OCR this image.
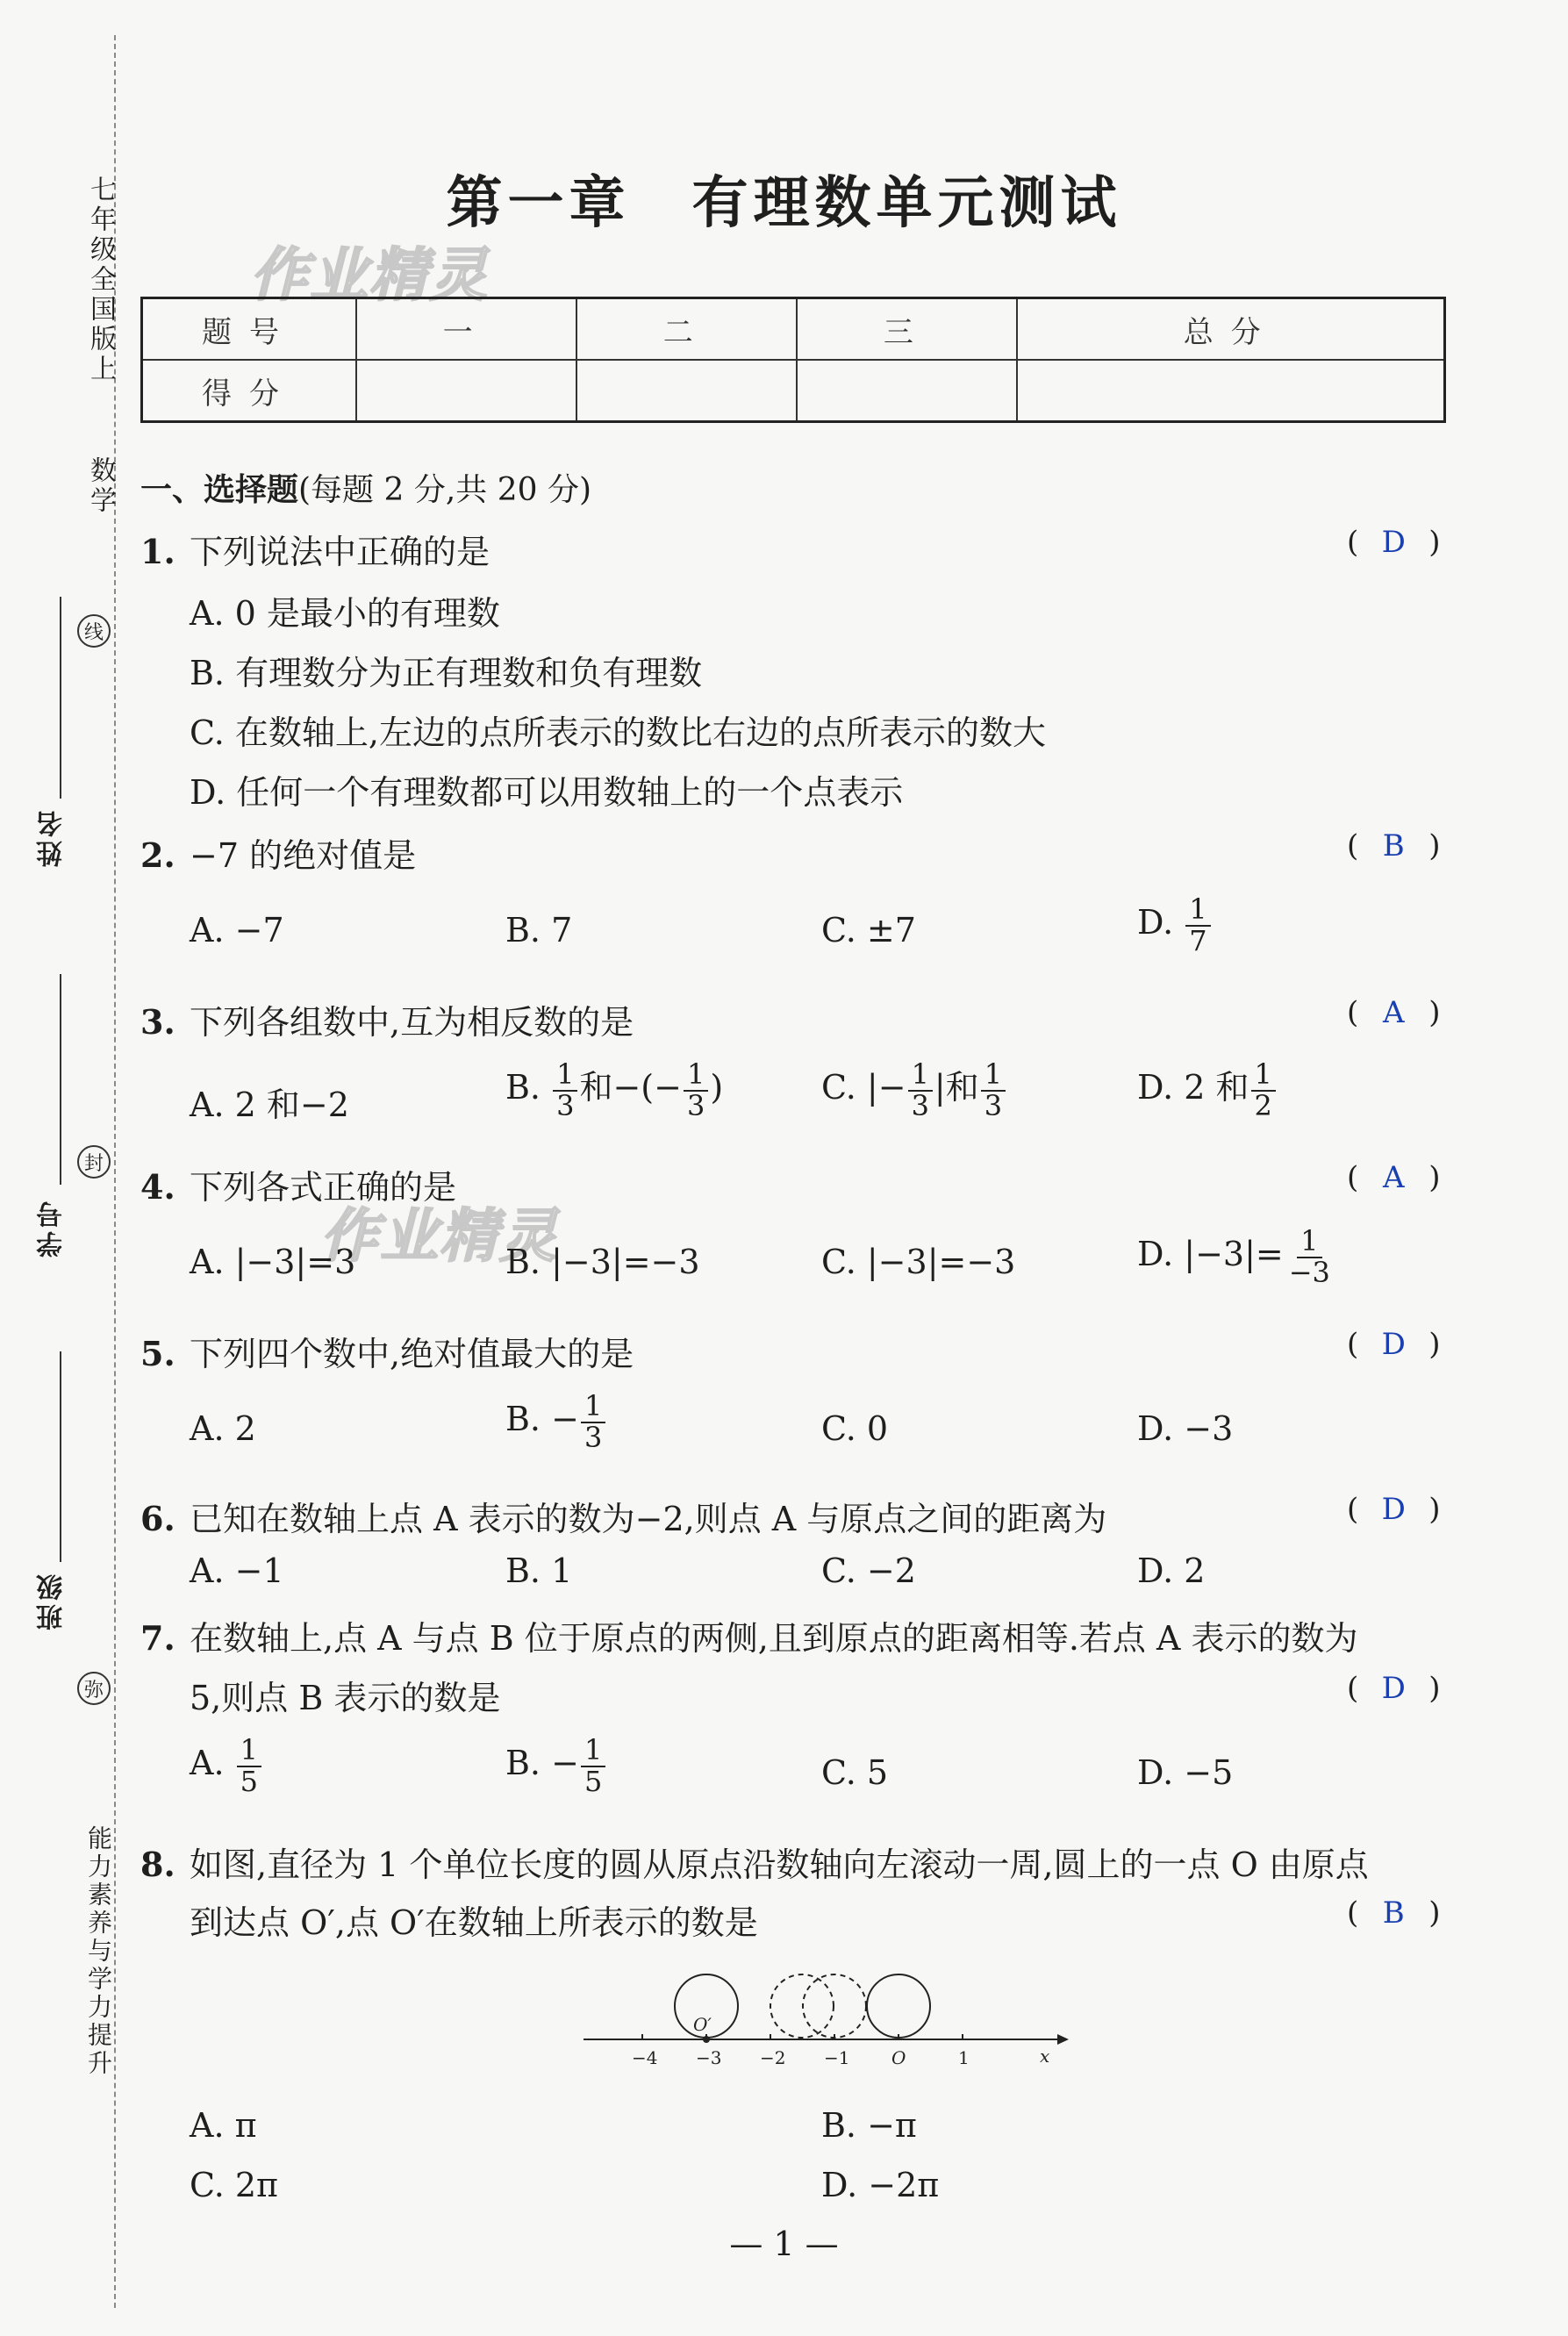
七年级全国版上
数学
线
姓名
封
学号
班级
弥
能力素养与学力提升
第一章 有理数单元测试
作业精灵
作业精灵
题号	一	二	三	总分
得分				
一、选择题(每题 2 分,共 20 分)
1. 下列说法中正确的是	( D )
A. 0 是最小的有理数
B. 有理数分为正有理数和负有理数
C. 在数轴上,左边的点所表示的数比右边的点所表示的数大
D. 任何一个有理数都可以用数轴上的一个点表示
2. −7 的绝对值是	( B )
A. −7	B. 7	C. ±7	D. $\frac{1}{7}$
3. 下列各组数中,互为相反数的是	( A )
A. 2 和−2	B. $\frac{1}{3}$ 和−(− $\frac{1}{3}$ )	C. |− $\frac{1}{3}$ |和 $\frac{1}{3}$	D. 2 和 $\frac{1}{2}$
4. 下列各式正确的是	( A )
A. |−3|=3	B. |−3|=−3	C. |−3|=−3	D. $|-3|= \frac{1}{-3}$
5. 下列四个数中,绝对值最大的是	( D )
A. 2	B. − $\frac{1}{3}$	C. 0	D. −3
6. 已知在数轴上点 A 表示的数为−2,则点 A 与原点之间的距离为	( D )
A. −1	B. 1	C. −2	D. 2
7. 在数轴上,点 A 与点 B 位于原点的两侧,且到原点的距离相等.若点 A 表示的数为
5,则点 B 表示的数是	( D )
A. $\frac{1}{5}$	B. − $\frac{1}{5}$	C. 5	D. −5
8. 如图,直径为 1 个单位长度的圆从原点沿数轴向左滚动一周,圆上的一点 O 由原点
到达点 O′,点 O′在数轴上所表示的数是	( B )
O′
−4 −3 −2 −1 O	1	x
A. π	B. −π
C. 2π	D. −2π
— 1 —
